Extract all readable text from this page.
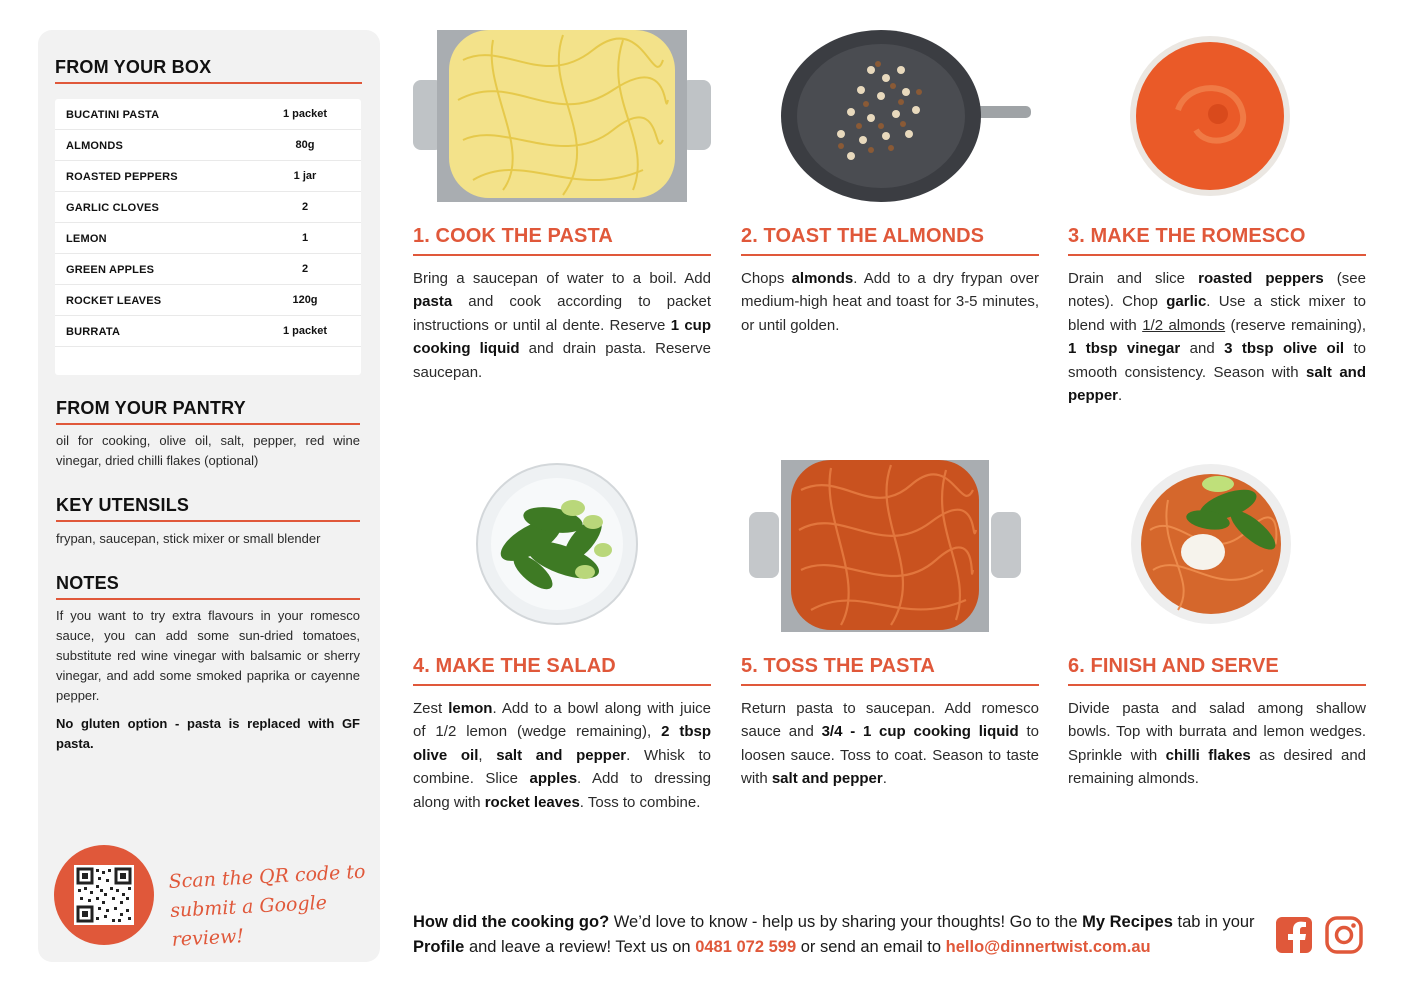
FROM YOUR BOX
BUCATINI PASTA	1 packet
ALMONDS	80g
ROASTED PEPPERS	1 jar
GARLIC CLOVES	2
LEMON	1
GREEN APPLES	2
ROCKET LEAVES	120g
BURRATA	1 packet
FROM YOUR PANTRY
oil for cooking, olive oil, salt, pepper, red wine vinegar, dried chilli flakes (optional)
KEY UTENSILS
frypan, saucepan, stick mixer or small blender
NOTES
If you want to try extra flavours in your romesco sauce, you can add some sun-dried tomatoes, substitute red wine vinegar with balsamic or sherry vinegar, and add some smoked paprika or cayenne pepper.
No gluten option - pasta is replaced with GF pasta.
Scan the QR code to
submit a Google review!
1. COOK THE PASTA
Bring a saucepan of water to a boil. Add pasta and cook according to packet instructions or until al dente. Reserve 1 cup cooking liquid and drain pasta. Reserve saucepan.
2. TOAST THE ALMONDS
Chops almonds. Add to a dry frypan over medium-high heat and toast for 3-5 minutes, or until golden.
3. MAKE THE ROMESCO
Drain and slice roasted peppers (see notes). Chop garlic. Use a stick mixer to blend with 1/2 almonds (reserve remaining), 1 tbsp vinegar and 3 tbsp olive oil to smooth consistency. Season with salt and pepper.
4. MAKE THE SALAD
Zest lemon. Add to a bowl along with juice of 1/2 lemon (wedge remaining), 2 tbsp olive oil, salt and pepper. Whisk to combine. Slice apples. Add to dressing along with rocket leaves. Toss to combine.
5. TOSS THE PASTA
Return pasta to saucepan. Add romesco sauce and 3/4 - 1 cup cooking liquid to loosen sauce. Toss to coat. Season to taste with salt and pepper.
6. FINISH AND SERVE
Divide pasta and salad among shallow bowls. Top with burrata and lemon wedges. Sprinkle with chilli flakes as desired and remaining almonds.
How did the cooking go? We’d love to know - help us by sharing your thoughts! Go to the My Recipes tab in your Profile and leave a review! Text us on 0481 072 599 or send an email to hello@dinnertwist.com.au
